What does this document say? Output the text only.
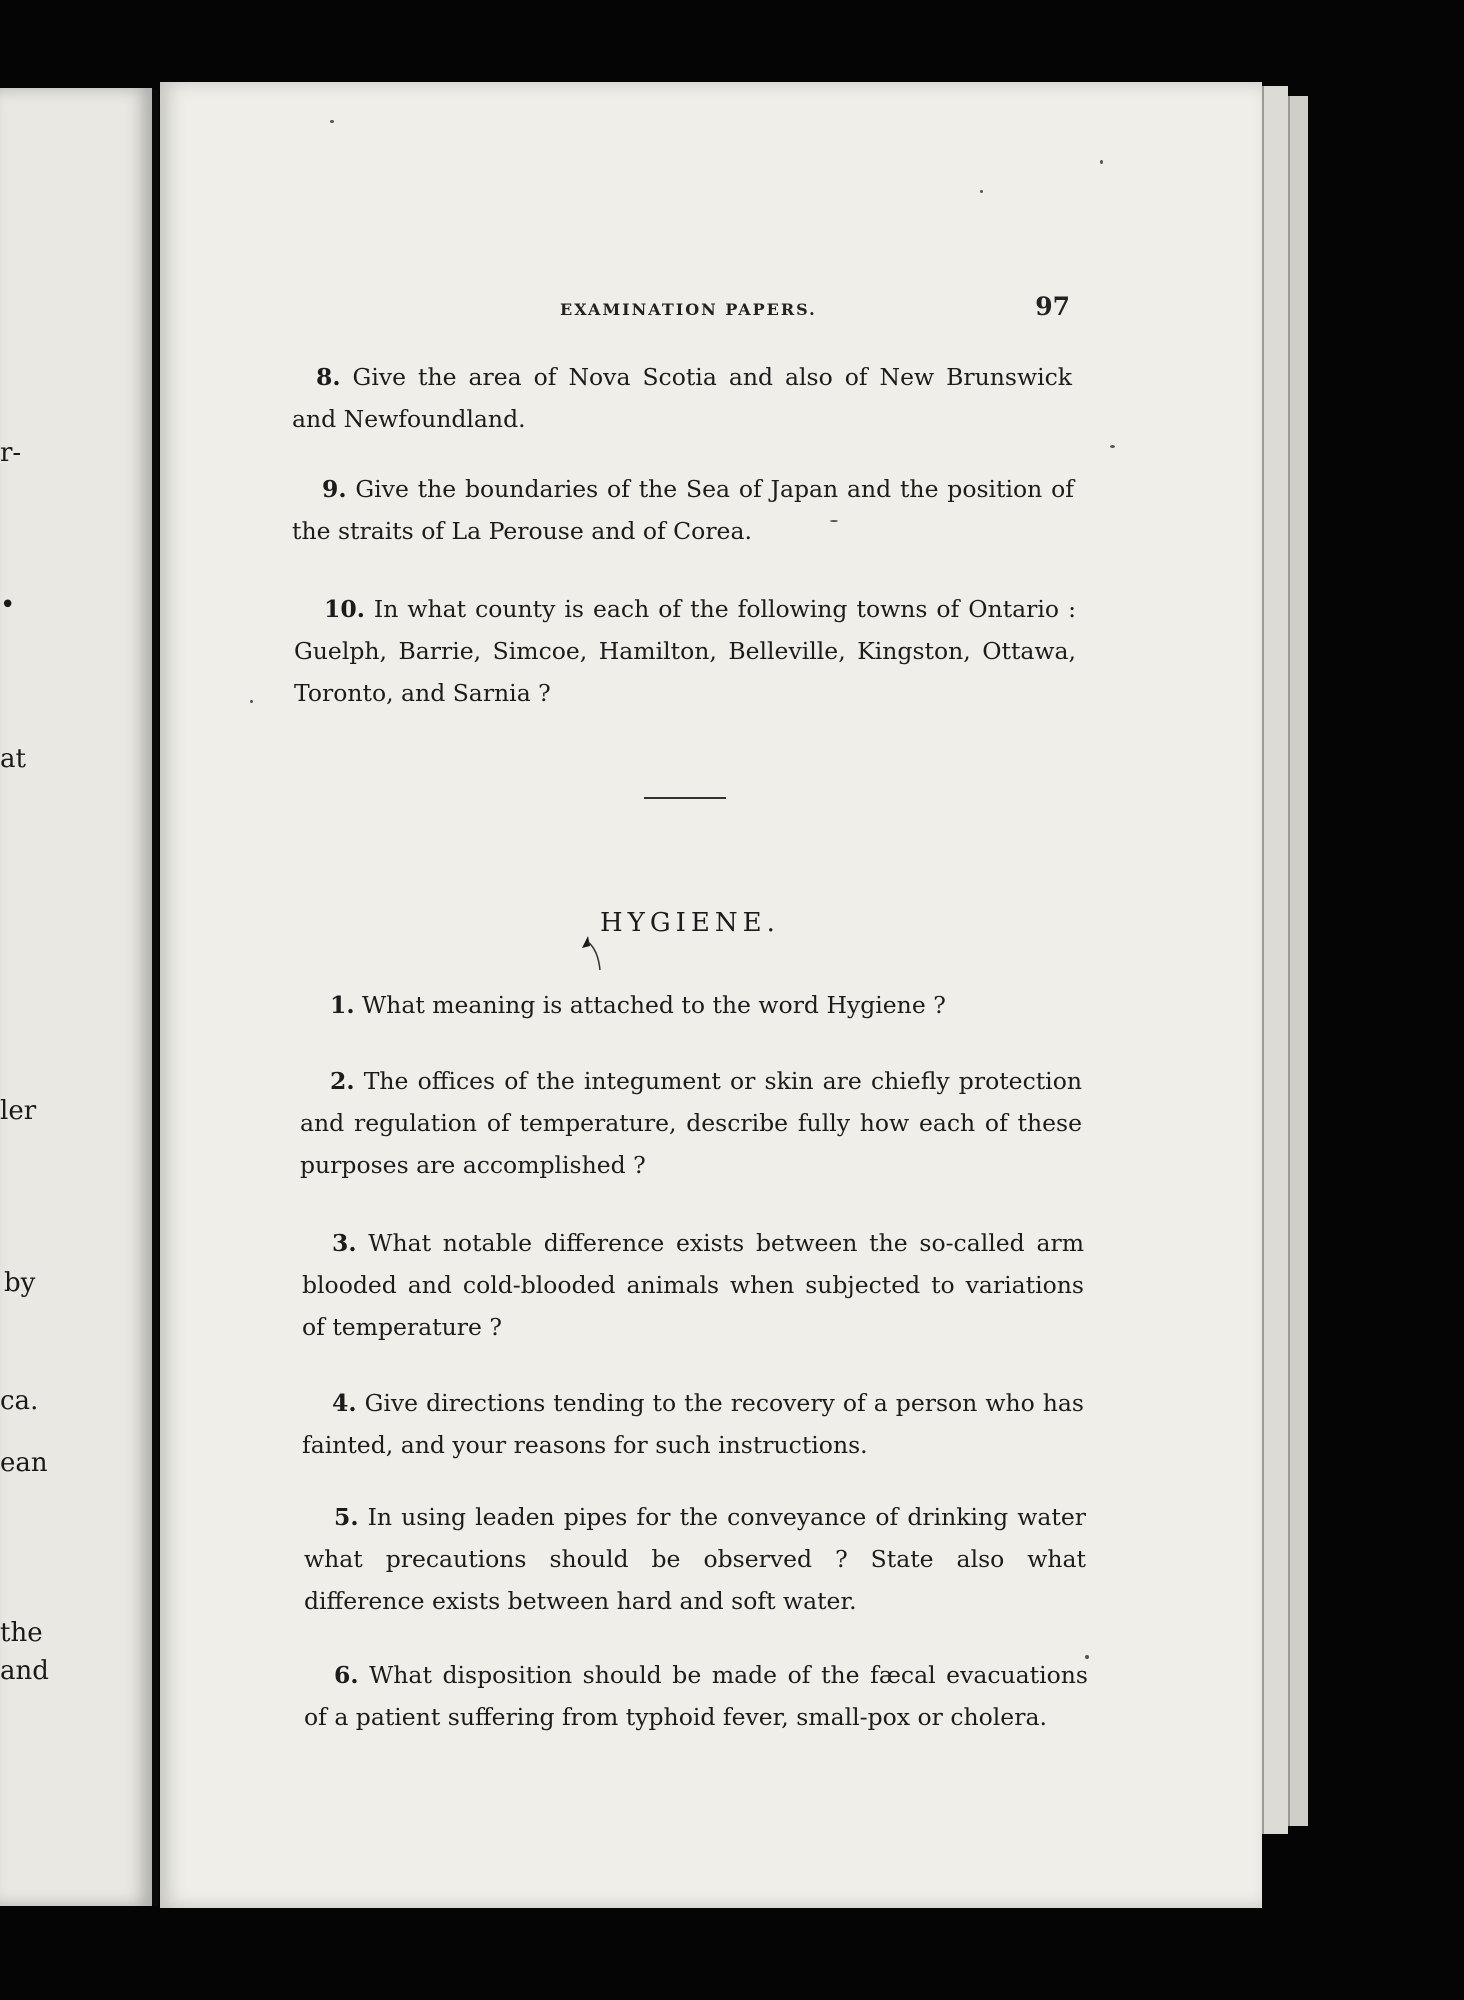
r-
•
at
ler
by
ca.
ean
the
and
EXAMINATION PAPERS.	97
8. Give the area of Nova Scotia and also of New Brunswick and Newfoundland.
9. Give the boundaries of the Sea of Japan and the position of the straits of La Perouse and of Corea.
10. In what county is each of the following towns of Ontario : Guelph, Barrie, Simcoe, Hamilton, Belleville, Kingston, Ottawa, Toronto, and Sarnia ?
HYGIENE.
1. What meaning is attached to the word Hygiene ?
2. The offices of the integument or skin are chiefly protection and regulation of temperature, describe fully how each of these purposes are accomplished ?
3. What notable difference exists between the so-called arm blooded and cold-blooded animals when subjected to variations of temperature ?
4. Give directions tending to the recovery of a person who has fainted, and your reasons for such instructions.
5. In using leaden pipes for the conveyance of drinking water what precautions should be observed ? State also what difference exists between hard and soft water.
6. What disposition should be made of the fæcal evacuations of a patient suffering from typhoid fever, small-pox or cholera.
